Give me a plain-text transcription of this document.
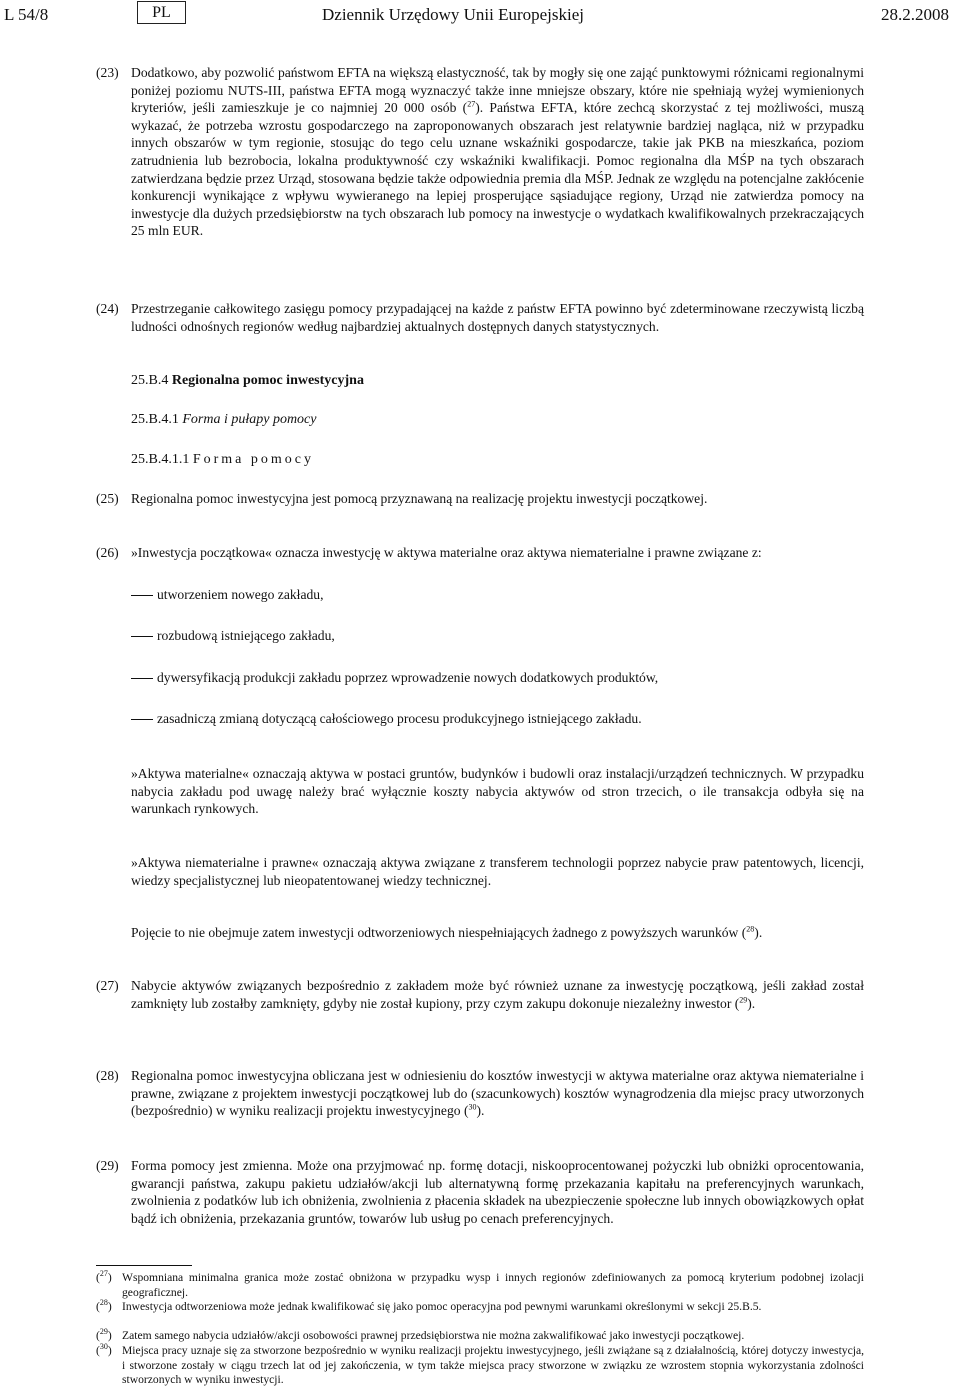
L 54/8	PL	Dziennik Urzędowy Unii Europejskiej	28.2.2008
(23) Dodatkowo, aby pozwolić państwom EFTA na większą elastyczność, tak by mogły się one zająć punktowymi różnicami regionalnymi poniżej poziomu NUTS-III, państwa EFTA mogą wyznaczyć także inne mniejsze obszary, które nie spełniają wyżej wymienionych kryteriów, jeśli zamieszkuje je co najmniej 20 000 osób ($^{27}$). Państwa EFTA, które zechcą skorzystać z tej możliwości, muszą wykazać, że potrzeba wzrostu gospodarczego na zaproponowanych obszarach jest relatywnie bardziej nagląca, niż w przypadku innych obszarów w tym regionie, stosując do tego celu uznane wskaźniki gospodarcze, takie jak PKB na mieszkańca, poziom zatrudnienia lub bezrobocia, lokalna produktywność czy wskaźniki kwalifikacji. Pomoc regionalna dla MŚP na tych obszarach zatwierdzana będzie przez Urząd, stosowana będzie także odpowiednia premia dla MŚP. Jednak ze względu na potencjalne zakłócenie konkurencji wynikające z wpływu wywieranego na lepiej prosperujące sąsiadujące regiony, Urząd nie zatwierdza pomocy na inwestycje dla dużych przedsiębiorstw na tych obszarach lub pomocy na inwestycje o wydatkach kwalifikowalnych przekraczających 25 mln EUR.
(24) Przestrzeganie całkowitego zasięgu pomocy przypadającej na każde z państw EFTA powinno być zdeterminowane rzeczywistą liczbą ludności odnośnych regionów według najbardziej aktualnych dostępnych danych statystycznych.
25.B.4 Regionalna pomoc inwestycyjna
25.B.4.1 Forma i pułapy pomocy
25.B.4.1.1 Forma pomocy
(25) Regionalna pomoc inwestycyjna jest pomocą przyznawaną na realizację projektu inwestycji początkowej.
(26) »Inwestycja początkowa« oznacza inwestycję w aktywa materialne oraz aktywa niematerialne i prawne związane z:
utworzeniem nowego zakładu,
rozbudową istniejącego zakładu,
dywersyfikacją produkcji zakładu poprzez wprowadzenie nowych dodatkowych produktów,
zasadniczą zmianą dotyczącą całościowego procesu produkcyjnego istniejącego zakładu.
»Aktywa materialne« oznaczają aktywa w postaci gruntów, budynków i budowli oraz instalacji/urządzeń technicznych. W przypadku nabycia zakładu pod uwagę należy brać wyłącznie koszty nabycia aktywów od stron trzecich, o ile transakcja odbyła się na warunkach rynkowych.
»Aktywa niematerialne i prawne« oznaczają aktywa związane z transferem technologii poprzez nabycie praw patentowych, licencji, wiedzy specjalistycznej lub nieopatentowanej wiedzy technicznej.
Pojęcie to nie obejmuje zatem inwestycji odtworzeniowych niespełniających żadnego z powyższych warunków ($^{28}$).
(27) Nabycie aktywów związanych bezpośrednio z zakładem może być również uznane za inwestycję początkową, jeśli zakład został zamknięty lub zostałby zamknięty, gdyby nie został kupiony, przy czym zakupu dokonuje niezależny inwestor ($^{29}$).
(28) Regionalna pomoc inwestycyjna obliczana jest w odniesieniu do kosztów inwestycji w aktywa materialne oraz aktywa niematerialne i prawne, związane z projektem inwestycji początkowej lub do (szacunkowych) kosztów wynagrodzenia dla miejsc pracy utworzonych (bezpośrednio) w wyniku realizacji projektu inwestycyjnego ($^{30}$).
(29) Forma pomocy jest zmienna. Może ona przyjmować np. formę dotacji, niskooprocentowanej pożyczki lub obniżki oprocentowania, gwarancji państwa, zakupu pakietu udziałów/akcji lub alternatywną formę przekazania kapitału na preferencyjnych warunkach, zwolnienia z podatków lub ich obniżenia, zwolnienia z płacenia składek na ubezpieczenie społeczne lub innych obowiązkowych opłat bądź ich obniżenia, przekazania gruntów, towarów lub usług po cenach preferencyjnych.
($^{27}$) Wspomniana minimalna granica może zostać obniżona w przypadku wysp i innych regionów zdefiniowanych za pomocą kryterium podobnej izolacji geograficznej.
($^{28}$) Inwestycja odtworzeniowa może jednak kwalifikować się jako pomoc operacyjna pod pewnymi warunkami określonymi w sekcji 25.B.5.
($^{29}$) Zatem samego nabycia udziałów/akcji osobowości prawnej przedsiębiorstwa nie można zakwalifikować jako inwestycji początkowej.
($^{30}$) Miejsca pracy uznaje się za stworzone bezpośrednio w wyniku realizacji projektu inwestycyjnego, jeśli zwiążane są z działalnością, której dotyczy inwestycja, i stworzone zostały w ciągu trzech lat od jej zakończenia, w tym także miejsca pracy stworzone w związku ze wzrostem stopnia wykorzystania zdolności stworzonych w wyniku inwestycji.
